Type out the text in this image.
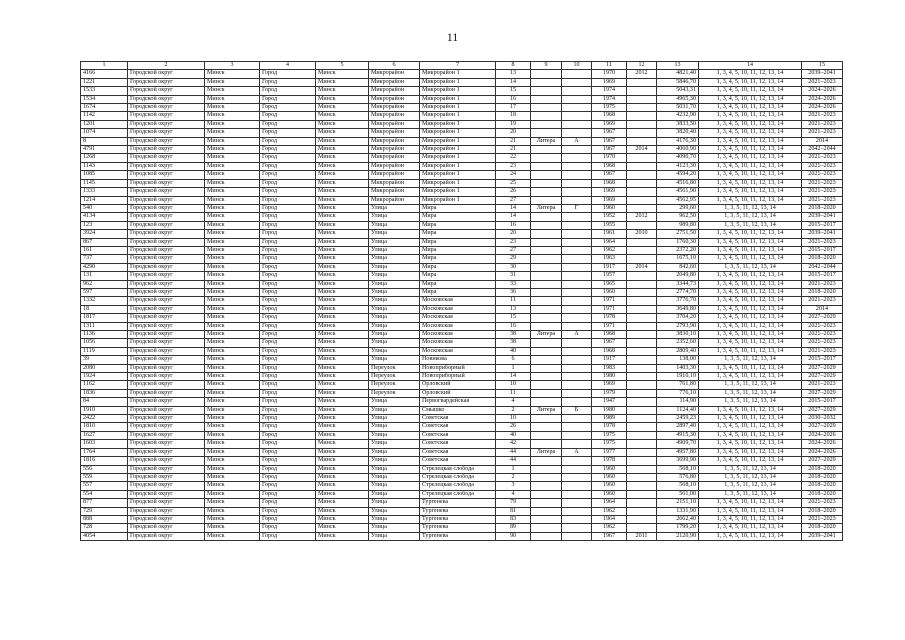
11
1	2	3	4	5	6	7	8	9	10	11	12	13	14	15
4166	Городской округ	Минск	Город	Минск	Микрорайон	Микрорайон 1	13			1970	2012	4821,40	1, 3, 4, 5, 10, 11, 12, 13, 14	2039–2041
1221	Городской округ	Минск	Город	Минск	Микрорайон	Микрорайон 1	14			1969		5846,70	1, 3, 4, 5, 10, 11, 12, 13, 14	2021–2023
1533	Городской округ	Минск	Город	Минск	Микрорайон	Микрорайон 1	15			1974		5043,31	1, 3, 4, 5, 10, 11, 12, 13, 14	2024–2026
1534	Городской округ	Минск	Город	Минск	Микрорайон	Микрорайон 1	16			1974		4965,30	1, 3, 4, 5, 10, 11, 12, 13, 14	2024–2026
1674	Городской округ	Минск	Город	Минск	Микрорайон	Микрорайон 1	17			1975		5031,70	1, 3, 4, 5, 10, 11, 12, 13, 14	2024–2026
1142	Городской округ	Минск	Город	Минск	Микрорайон	Микрорайон 1	18			1968		4232,90	1, 3, 4, 5, 10, 11, 12, 13, 14	2021–2023
1201	Городской округ	Минск	Город	Минск	Микрорайон	Микрорайон 1	19			1969		3833,50	1, 3, 4, 5, 10, 11, 12, 13, 14	2021–2023
1074	Городской округ	Минск	Город	Минск	Микрорайон	Микрорайон 1	20			1967		3820,40	1, 3, 4, 5, 10, 11, 12, 13, 14	2021–2023
8	Городской округ	Минск	Город	Минск	Микрорайон	Микрорайон 1	21	Литера	А	1967		4176,30	1, 3, 4, 5, 10, 11, 12, 13, 14	2014
4791	Городской округ	Минск	Город	Минск	Микрорайон	Микрорайон 1	21			1967	2014	4060,90	1, 3, 4, 5, 10, 11, 12, 13, 14	2042–2044
1268	Городской округ	Минск	Город	Минск	Микрорайон	Микрорайон 1	22			1970		4090,70	1, 3, 4, 5, 10, 11, 12, 13, 14	2021–2023
1143	Городской округ	Минск	Город	Минск	Микрорайон	Микрорайон 1	23			1968		4123,30	1, 3, 4, 5, 10, 11, 12, 13, 14	2021–2023
1085	Городской округ	Минск	Город	Минск	Микрорайон	Микрорайон 1	24			1967		4594,20	1, 3, 4, 5, 10, 11, 12, 13, 14	2021–2023
1145	Городской округ	Минск	Город	Минск	Микрорайон	Микрорайон 1	25			1968		4516,80	1, 3, 4, 5, 10, 11, 12, 13, 14	2021–2023
1333	Городской округ	Минск	Город	Минск	Микрорайон	Микрорайон 1	26			1969		4561,90	1, 3, 4, 5, 10, 11, 12, 13, 14	2021–2023
1214	Городской округ	Минск	Город	Минск	Микрорайон	Микрорайон 1	27			1969		4562,95	1, 3, 4, 5, 10, 11, 12, 13, 14	2021–2023
540	Городской округ	Минск	Город	Минск	Улица	Мира	14	Литера	Г	1960		299,60	1, 3, 5, 11, 12, 13, 14	2018–2020
4134	Городской округ	Минск	Город	Минск	Улица	Мира	14			1952	2012	962,50	1, 3, 5, 11, 12, 13, 14	2039–2041
123	Городской округ	Минск	Город	Минск	Улица	Мира	16			1955		989,80	1, 3, 5, 11, 12, 13, 14	2015–2017
3924	Городской округ	Минск	Город	Минск	Улица	Мира	20			1961	2010	2751,50	1, 3, 4, 5, 10, 11, 12, 13, 14	2039–2041
867	Городской округ	Минск	Город	Минск	Улица	Мира	23			1964		1760,30	1, 3, 4, 5, 10, 11, 12, 13, 14	2021–2023
161	Городской округ	Минск	Город	Минск	Улица	Мира	27			1962		2372,20	1, 3, 4, 5, 10, 11, 12, 13, 14	2015–2017
737	Городской округ	Минск	Город	Минск	Улица	Мира	29			1963		1675,10	1, 3, 4, 5, 10, 11, 12, 13, 14	2018–2020
4290	Городской округ	Минск	Город	Минск	Улица	Мира	30			1917	2014	842,60	1, 3, 5, 11, 12, 13, 14	2042–2044
131	Городской округ	Минск	Город	Минск	Улица	Мира	31			1957		2049,80	1, 3, 4, 5, 10, 11, 12, 13, 14	2015–2017
962	Городской округ	Минск	Город	Минск	Улица	Мира	33			1965		3344,73	1, 3, 4, 5, 10, 11, 12, 13, 14	2021–2023
597	Городской округ	Минск	Город	Минск	Улица	Мира	36			1960		2774,70	1, 3, 4, 5, 10, 11, 12, 13, 14	2018–2020
1332	Городской округ	Минск	Город	Минск	Улица	Московская	11			1971		3776,70	1, 3, 4, 5, 10, 11, 12, 13, 14	2021–2023
18	Городской округ	Минск	Город	Минск	Улица	Московская	13			1971		3649,80	1, 3, 4, 5, 10, 11, 12, 13, 14	2014
1817	Городской округ	Минск	Город	Минск	Улица	Московская	15			1978		3704,20	1, 3, 4, 5, 10, 11, 12, 13, 14	2027–2029
1311	Городской округ	Минск	Город	Минск	Улица	Московская	16			1971		2793,90	1, 3, 4, 5, 10, 11, 12, 13, 14	2021–2023
1136	Городской округ	Минск	Город	Минск	Улица	Московская	38	Литера	А	1968		3830,10	1, 3, 4, 5, 10, 11, 12, 13, 14	2021–2023
1056	Городской округ	Минск	Город	Минск	Улица	Московская	38			1967		2352,60	1, 3, 4, 5, 10, 11, 12, 13, 14	2021–2023
1119	Городской округ	Минск	Город	Минск	Улица	Московская	40			1968		2809,40	1, 3, 4, 5, 10, 11, 12, 13, 14	2021–2023
39	Городской округ	Минск	Город	Минск	Улица	Новикова	6			1917		138,00	1, 3, 5, 11, 12, 13, 14	2015–2017
2080	Городской округ	Минск	Город	Минск	Переулок	Новоприборный	1			1983		1403,30	1, 3, 4, 5, 10, 11, 12, 13, 14	2027–2029
1924	Городской округ	Минск	Город	Минск	Переулок	Новоприборный	14			1980		1910,10	1, 3, 4, 5, 10, 11, 12, 13, 14	2027–2029
1162	Городской округ	Минск	Город	Минск	Переулок	Орловский	10			1969		761,80	1, 3, 5, 11, 12, 13, 14	2021–2023
1836	Городской округ	Минск	Город	Минск	Переулок	Орловский	11			1979		776,10	1, 3, 5, 11, 12, 13, 14	2027–2029
84	Городской округ	Минск	Город	Минск	Улица	Первогвардейская	4			1947		114,90	1, 3, 5, 11, 12, 13, 14	2015–2017
1910	Городской округ	Минск	Город	Минск	Улица	Смышко	2	Литера	Б	1980		1124,40	1, 3, 4, 5, 10, 11, 12, 13, 14	2027–2029
2422	Городской округ	Минск	Город	Минск	Улица	Советская	10			1989		2459,23	1, 3, 4, 5, 10, 11, 12, 13, 14	2030–2032
1810	Городской округ	Минск	Город	Минск	Улица	Советская	26			1978		2897,40	1, 3, 4, 5, 10, 11, 12, 13, 14	2027–2029
1627	Городской округ	Минск	Город	Минск	Улица	Советская	40			1975		4915,30	1, 3, 4, 5, 10, 11, 12, 13, 14	2024–2026
1603	Городской округ	Минск	Город	Минск	Улица	Советская	42			1975		4909,70	1, 3, 4, 5, 10, 11, 12, 13, 14	2024–2026
1764	Городской округ	Минск	Город	Минск	Улица	Советская	44	Литера	А	1977		4957,80	1, 3, 4, 5, 10, 11, 12, 13, 14	2024–2026
1816	Городской округ	Минск	Город	Минск	Улица	Советская	44			1978		3699,90	1, 3, 4, 5, 10, 11, 12, 13, 14	2027–2029
556	Городской округ	Минск	Город	Минск	Улица	Стрелецкая слобода	1			1960		568,10	1, 3, 5, 11, 12, 13, 14	2018–2020
559	Городской округ	Минск	Город	Минск	Улица	Стрелецкая слобода	2			1960		576,80	1, 3, 5, 11, 12, 13, 14	2018–2020
557	Городской округ	Минск	Город	Минск	Улица	Стрелецкая слобода	3			1960		568,10	1, 3, 5, 11, 12, 13, 14	2018–2020
554	Городской округ	Минск	Город	Минск	Улица	Стрелецкая слобода	4			1960		561,00	1, 3, 5, 11, 12, 13, 14	2018–2020
877	Городской округ	Минск	Город	Минск	Улица	Тургенева	79			1964		2151,10	1, 3, 4, 5, 10, 11, 12, 13, 14	2021–2023
729	Городской округ	Минск	Город	Минск	Улица	Тургенева	81			1962		1331,90	1, 3, 4, 5, 10, 11, 12, 13, 14	2018–2020
888	Городской округ	Минск	Город	Минск	Улица	Тургенева	83			1964		2662,40	1, 3, 4, 5, 10, 11, 12, 13, 14	2021–2023
728	Городской округ	Минск	Город	Минск	Улица	Тургенева	89			1962		1799,20	1, 3, 4, 5, 10, 11, 12, 13, 14	2018–2020
4054	Городской округ	Минск	Город	Минск	Улица	Тургенева	90			1967	2011	2120,90	1, 3, 4, 5, 10, 11, 12, 13, 14	2039–2041
